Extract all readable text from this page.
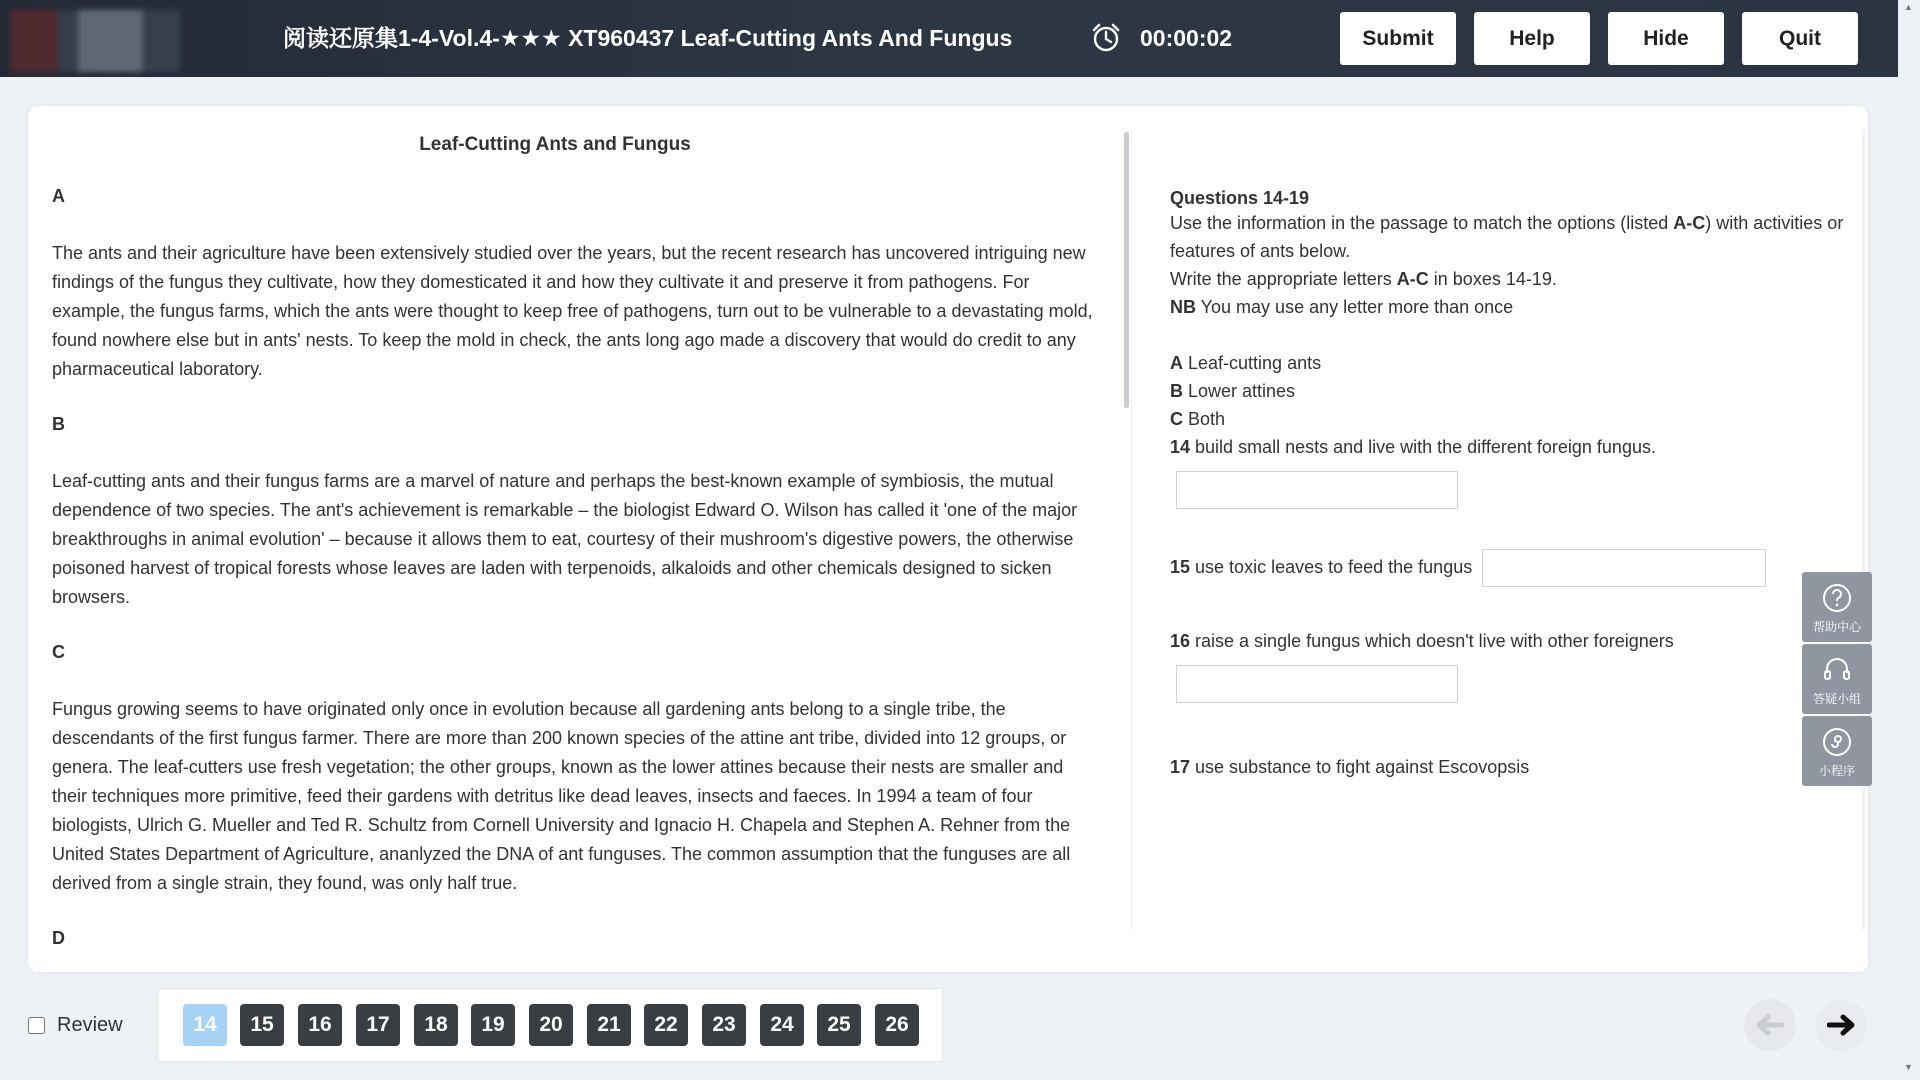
阅读还原集1-4-Vol.4-★★★ XT960437 Leaf-Cutting Ants And Fungus	00:00:02	Submit	Help	Hide	Quit
▲
Leaf-Cutting Ants and Fungus
A

The ants and their agriculture have been extensively studied over the years, but the recent research has uncovered intriguing new findings of the fungus they cultivate, how they domesticated it and how they cultivate it and preserve it from pathogens. For example, the fungus farms, which the ants were thought to keep free of pathogens, turn out to be vulnerable to a devastating mold, found nowhere else but in ants' nests. To keep the mold in check, the ants long ago made a discovery that would do credit to any pharmaceutical laboratory.

B

Leaf-cutting ants and their fungus farms are a marvel of nature and perhaps the best-known example of symbiosis, the mutual dependence of two species. The ant's achievement is remarkable – the biologist Edward O. Wilson has called it 'one of the major breakthroughs in animal evolution' – because it allows them to eat, courtesy of their mushroom's digestive powers, the otherwise poisoned harvest of tropical forests whose leaves are laden with terpenoids, alkaloids and other chemicals designed to sicken browsers.

C

Fungus growing seems to have originated only once in evolution because all gardening ants belong to a single tribe, the descendants of the first fungus farmer. There are more than 200 known species of the attine ant tribe, divided into 12 groups, or genera. The leaf-cutters use fresh vegetation; the other groups, known as the lower attines because their nests are smaller and their techniques more primitive, feed their gardens with detritus like dead leaves, insects and faeces. In 1994 a team of four biologists, Ulrich G. Mueller and Ted R. Schultz from Cornell University and Ignacio H. Chapela and Stephen A. Rehner from the United States Department of Agriculture, ananlyzed the DNA of ant funguses. The common assumption that the funguses are all derived from a single strain, they found, was only half true.

D
Questions 14-19

Use the information in the passage to match the options (listed A-C) with activities or features of ants below.

Write the appropriate letters A-C in boxes 14-19.

NB You may use any letter more than once

A Leaf-cutting ants

B Lower attines

C Both

14 build small nests and live with the different foreign fungus.

15 use toxic leaves to feed the fungus

16 raise a single fungus which doesn't live with other foreigners

17 use substance to fight against Escovopsis

帮助中心
答疑小组
小程序
Review	14	15	16	17	18	19	20	21	22	23	24	25	26
▼
